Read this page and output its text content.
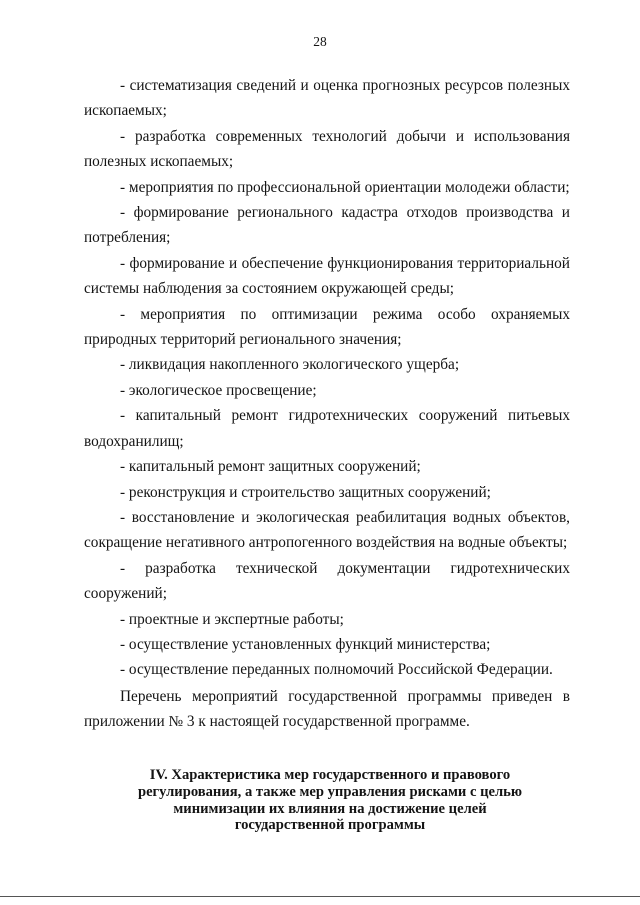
28

- систематизация сведений и оценка прогнозных ресурсов полезных ископаемых;

- разработка современных технологий добычи и использования полезных ископаемых;

- мероприятия по профессиональной ориентации молодежи области;

- формирование регионального кадастра отходов производства и потребления;

- формирование и обеспечение функционирования территориальной системы наблюдения за состоянием окружающей среды;

- мероприятия по оптимизации режима особо охраняемых природных территорий регионального значения;

- ликвидация накопленного экологического ущерба;

- экологическое просвещение;

- капитальный ремонт гидротехнических сооружений питьевых водохранилищ;

- капитальный ремонт защитных сооружений;

- реконструкция и строительство защитных сооружений;

- восстановление и экологическая реабилитация водных объектов, сокращение негативного антропогенного воздействия на водные объекты;

- разработка технической документации гидротехнических сооружений;

- проектные и экспертные работы;

- осуществление установленных функций министерства;

- осуществление переданных полномочий Российской Федерации.

Перечень мероприятий государственной программы приведен в приложении № 3 к настоящей государственной программе.

IV. Характеристика мер государственного и правового
регулирования, а также мер управления рисками с целью
минимизации их влияния на достижение целей
государственной программы
